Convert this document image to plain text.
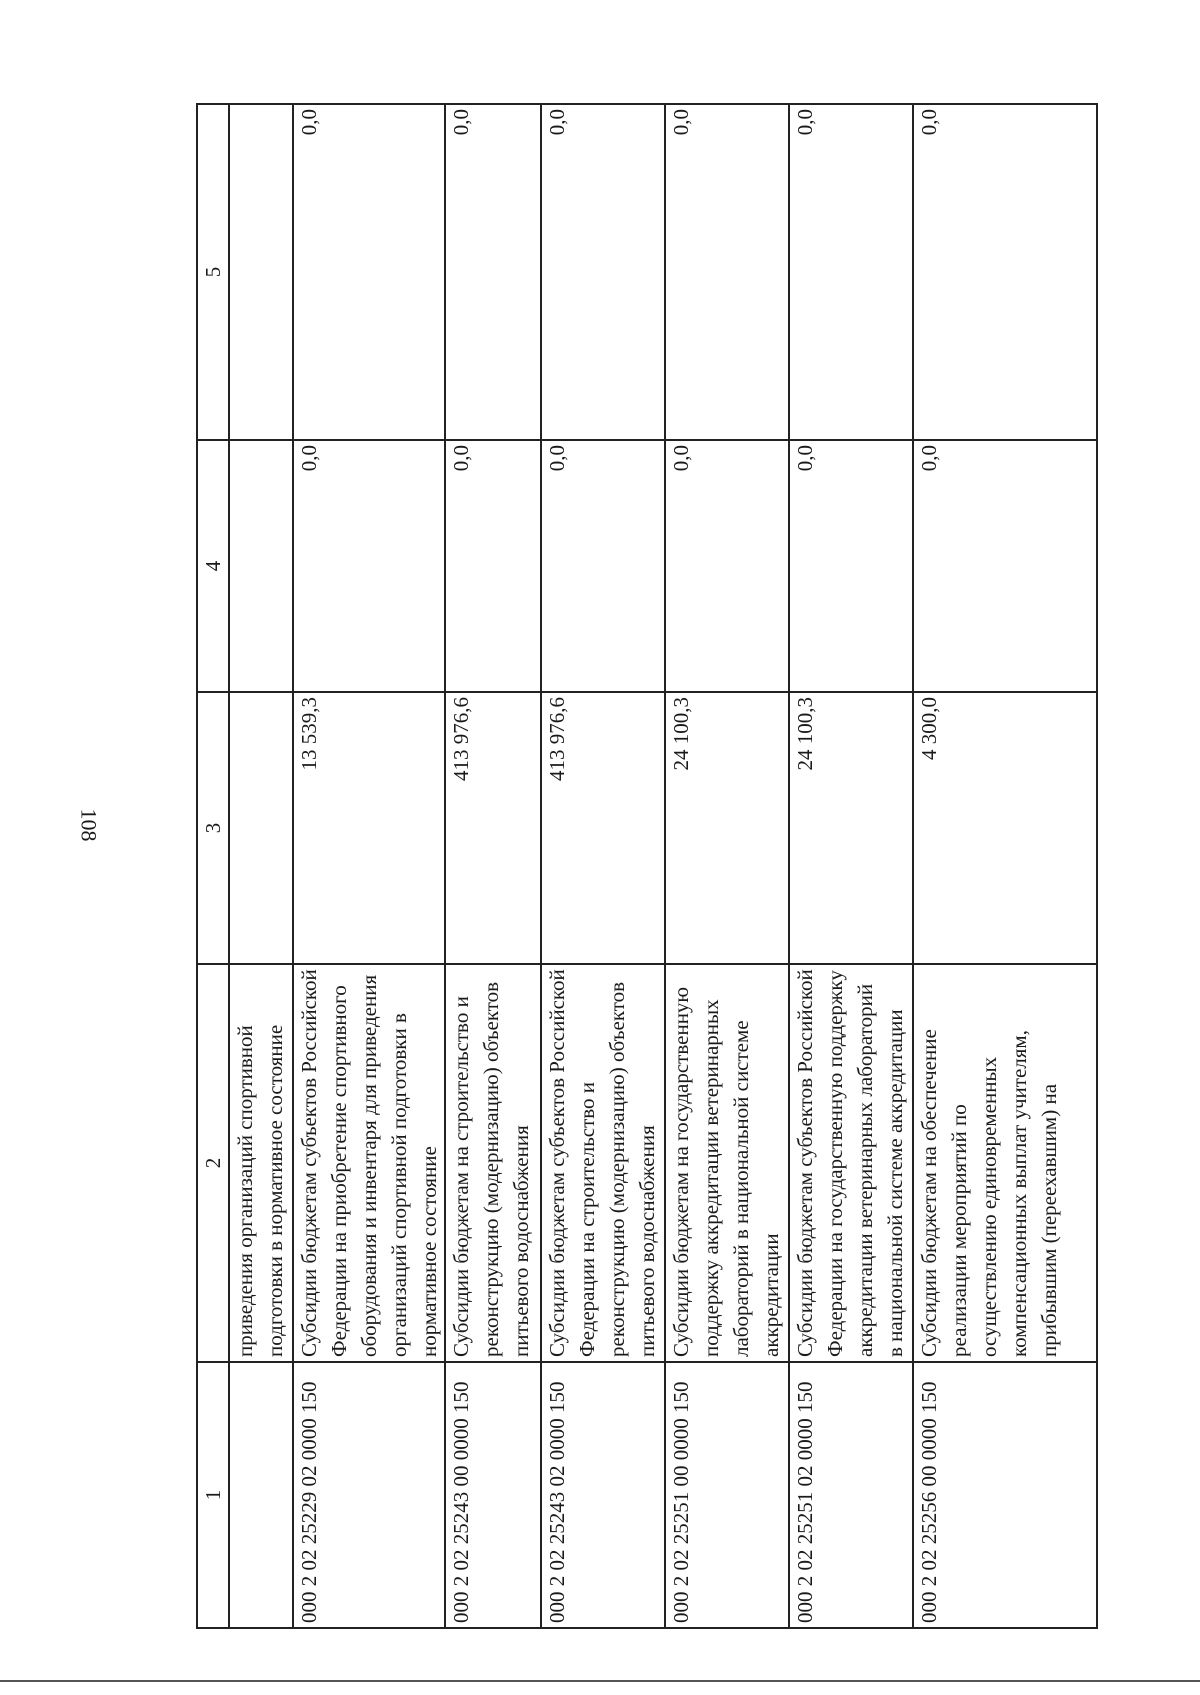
108
1	2	3	4	5
	приведения организаций спортивной подготовки в нормативное состояние			
000 2 02 25229 02 0000 150	Субсидии бюджетам субъектов Российской Федерации на приобретение спортивного оборудования и инвентаря для приведения организаций спортивной подготовки в нормативное состояние	13 539,3	0,0	0,0
000 2 02 25243 00 0000 150	Субсидии бюджетам на строительство и реконструкцию (модернизацию) объектов питьевого водоснабжения	413 976,6	0,0	0,0
000 2 02 25243 02 0000 150	Субсидии бюджетам субъектов Российской Федерации на строительство и реконструкцию (модернизацию) объектов питьевого водоснабжения	413 976,6	0,0	0,0
000 2 02 25251 00 0000 150	Субсидии бюджетам на государственную поддержку аккредитации ветеринарных лабораторий в национальной системе аккредитации	24 100,3	0,0	0,0
000 2 02 25251 02 0000 150	Субсидии бюджетам субъектов Российской Федерации на государственную поддержку аккредитации ветеринарных лабораторий в национальной системе аккредитации	24 100,3	0,0	0,0
000 2 02 25256 00 0000 150	Субсидии бюджетам на обеспечение реализации мероприятий по осуществлению единовременных компенсационных выплат учителям, прибывшим (переехавшим) на	4 300,0	0,0	0,0
